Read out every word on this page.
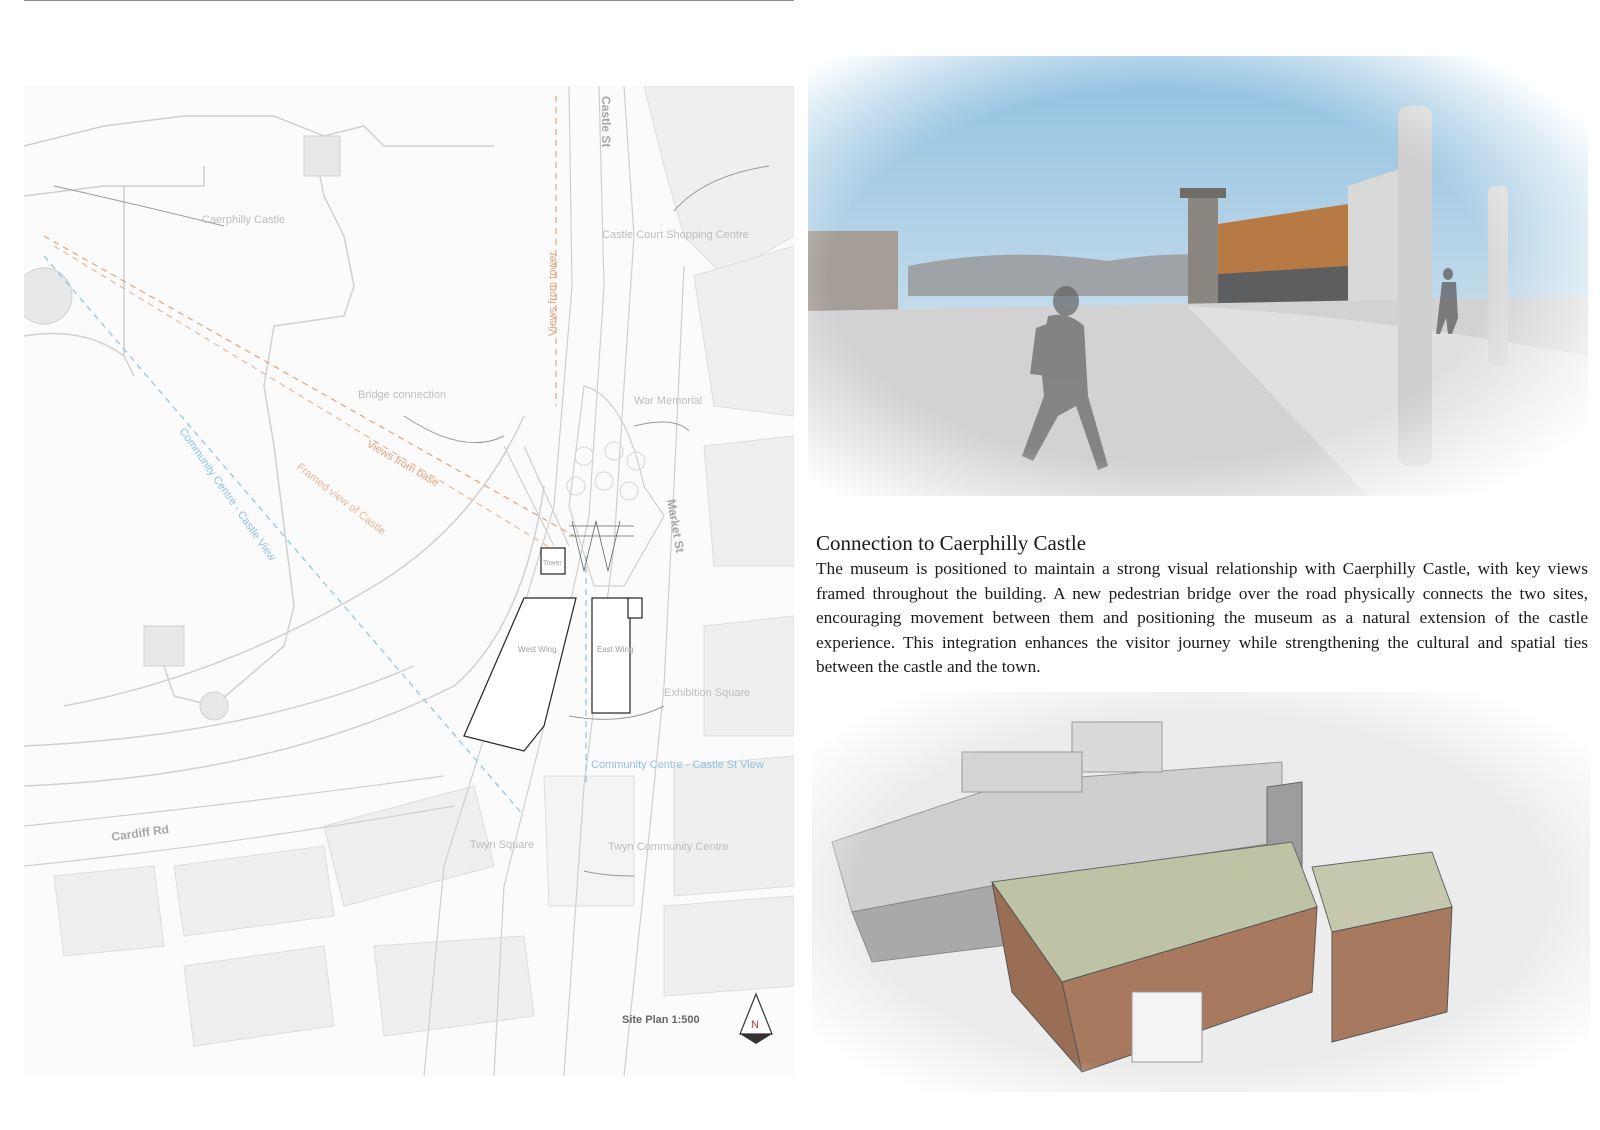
Caerphilly Castle
Castle Court Shopping Centre
Bridge connection	War Memorial
Exhibition Square
Twyn Square	Twyn Community Centre
Community Centre - Castle St View
West Wing	East Wing
Tower
Views from tower
Views from base
Framed view of Castle
Community Centre - Castle View
Castle St
Market St
Cardiff Rd
Site Plan 1:500	N
Connection to Caerphilly Castle

The museum is positioned to maintain a strong visual relationship with Caerphilly Castle, with key views framed throughout the building. A new pedestrian bridge over the road physically connects the two sites, encouraging movement between them and positioning the museum as a natural extension of the castle experience. This integration enhances the visitor journey while strengthening the cultural and spatial ties between the castle and the town.
